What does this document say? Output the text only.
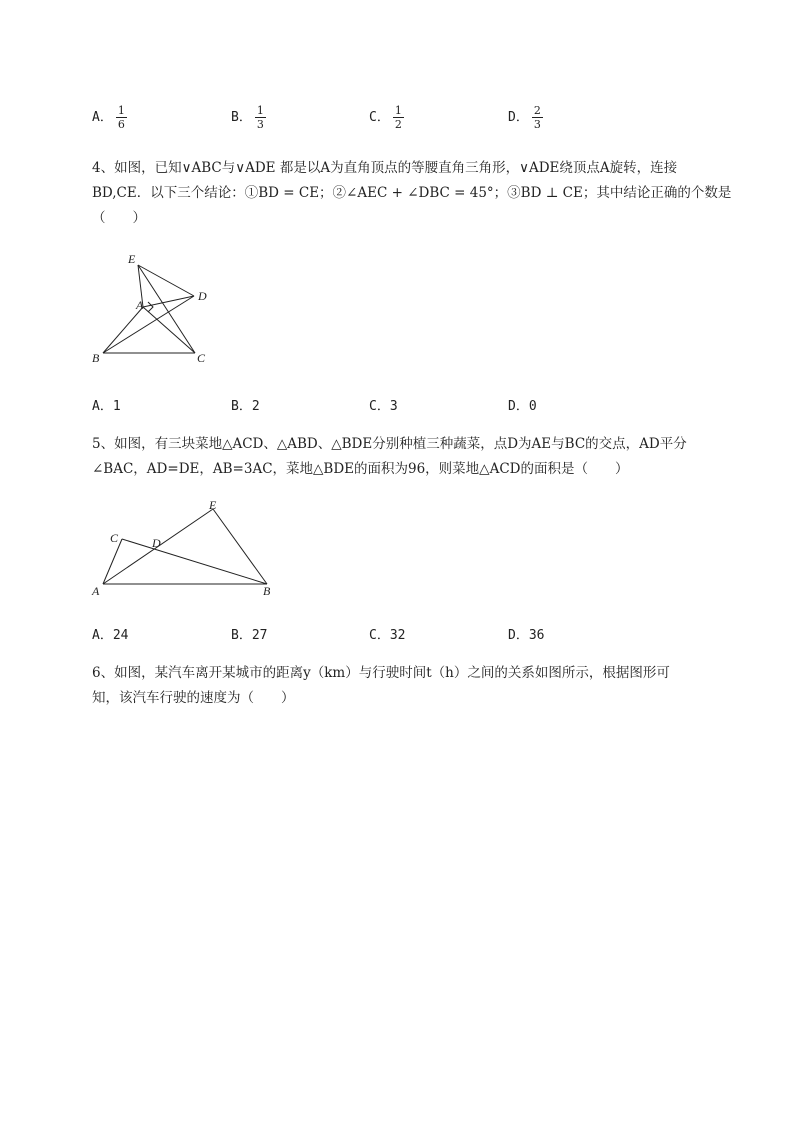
A． $\frac{1}{6}$	B． $\frac{1}{3}$	C． $\frac{1}{2}$	D． $\frac{2}{3}$
4、如图，已知∨ABC与∨ADE 都是以A为直角顶点的等腰直角三角形，∨ADE绕顶点A旋转，连接
BD,CE．以下三个结论：①BD = CE；②∠AEC + ∠DBC = 45°；③BD ⊥ CE；其中结论正确的个数是
（　　）
E
D
A
B	C
A．1	B．2	C．3	D．0
5、如图，有三块菜地△ACD、△ABD、△BDE分别种植三种蔬菜，点D为AE与BC的交点，AD平分
∠BAC，AD=DE，AB=3AC，菜地△BDE的面积为96，则菜地△ACD的面积是（　　）
C	D
E
A	B
A．24	B．27	C．32	D．36
6、如图，某汽车离开某城市的距离y（km）与行驶时间t（h）之间的关系如图所示，根据图形可
知，该汽车行驶的速度为（　　）
